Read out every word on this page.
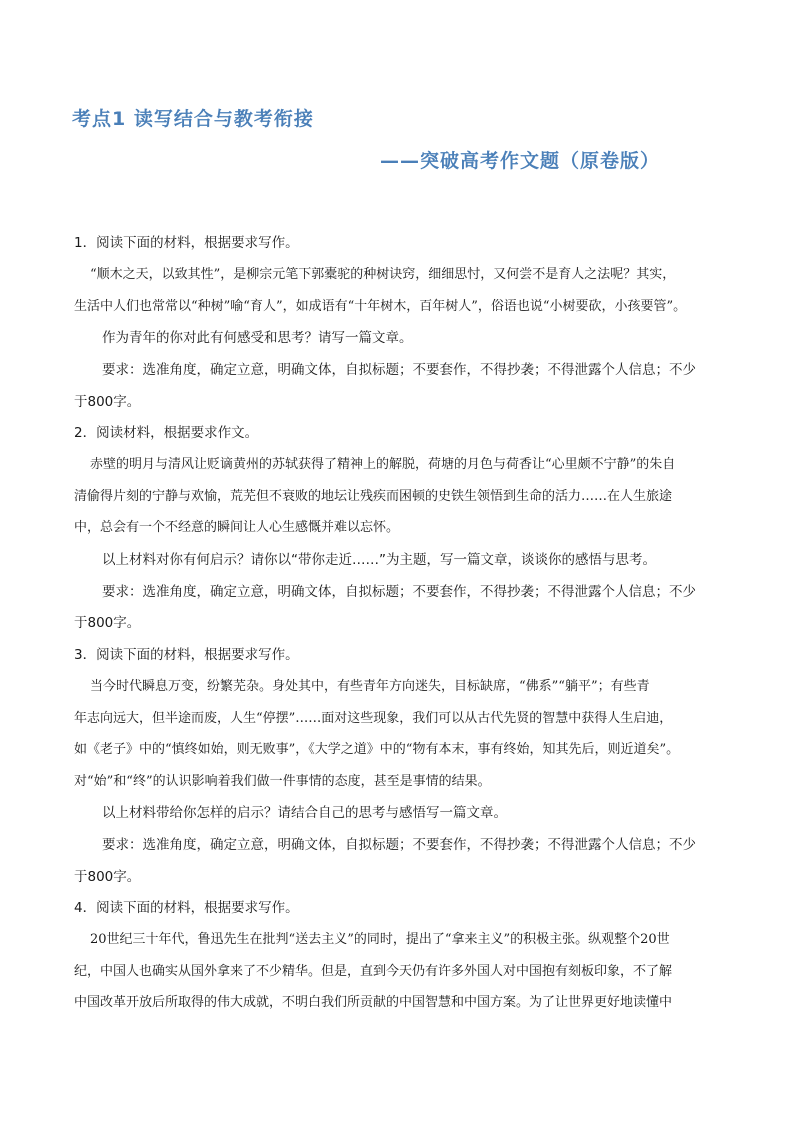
考点1 读写结合与教考衔接
——突破高考作文题（原卷版）
1．阅读下面的材料，根据要求写作。
“顺木之天，以致其性”，是柳宗元笔下郭橐驼的种树诀窍，细细思忖，又何尝不是育人之法呢？其实，
生活中人们也常常以“种树”喻“育人”，如成语有“十年树木，百年树人”，俗语也说“小树要砍，小孩要管”。
作为青年的你对此有何感受和思考？请写一篇文章。
要求：选准角度，确定立意，明确文体，自拟标题；不要套作，不得抄袭；不得泄露个人信息；不少
于800字。
2．阅读材料，根据要求作文。
赤壁的明月与清风让贬谪黄州的苏轼获得了精神上的解脱，荷塘的月色与荷香让“心里颇不宁静”的朱自
清偷得片刻的宁静与欢愉，荒芜但不衰败的地坛让残疾而困顿的史铁生领悟到生命的活力……在人生旅途
中，总会有一个不经意的瞬间让人心生感慨并难以忘怀。
以上材料对你有何启示？请你以“带你走近……”为主题，写一篇文章，谈谈你的感悟与思考。
要求：选准角度，确定立意，明确文体，自拟标题；不要套作，不得抄袭；不得泄露个人信息；不少
于800字。
3．阅读下面的材料，根据要求写作。
当今时代瞬息万变，纷繁芜杂。身处其中，有些青年方向迷失，目标缺席，“佛系”“躺平”；有些青
年志向远大，但半途而废，人生“停摆”……面对这些现象，我们可以从古代先贤的智慧中获得人生启迪，
如《老子》中的“慎终如始，则无败事”，《大学之道》中的“物有本末，事有终始，知其先后，则近道矣”。
对“始”和“终”的认识影响着我们做一件事情的态度，甚至是事情的结果。
以上材料带给你怎样的启示？请结合自己的思考与感悟写一篇文章。
要求：选准角度，确定立意，明确文体，自拟标题；不要套作，不得抄袭；不得泄露个人信息；不少
于800字。
4．阅读下面的材料，根据要求写作。
20世纪三十年代，鲁迅先生在批判“送去主义”的同时，提出了“拿来主义”的积极主张。纵观整个20世
纪，中国人也确实从国外拿来了不少精华。但是，直到今天仍有许多外国人对中国抱有刻板印象，不了解
中国改革开放后所取得的伟大成就，不明白我们所贡献的中国智慧和中国方案。为了让世界更好地读懂中
